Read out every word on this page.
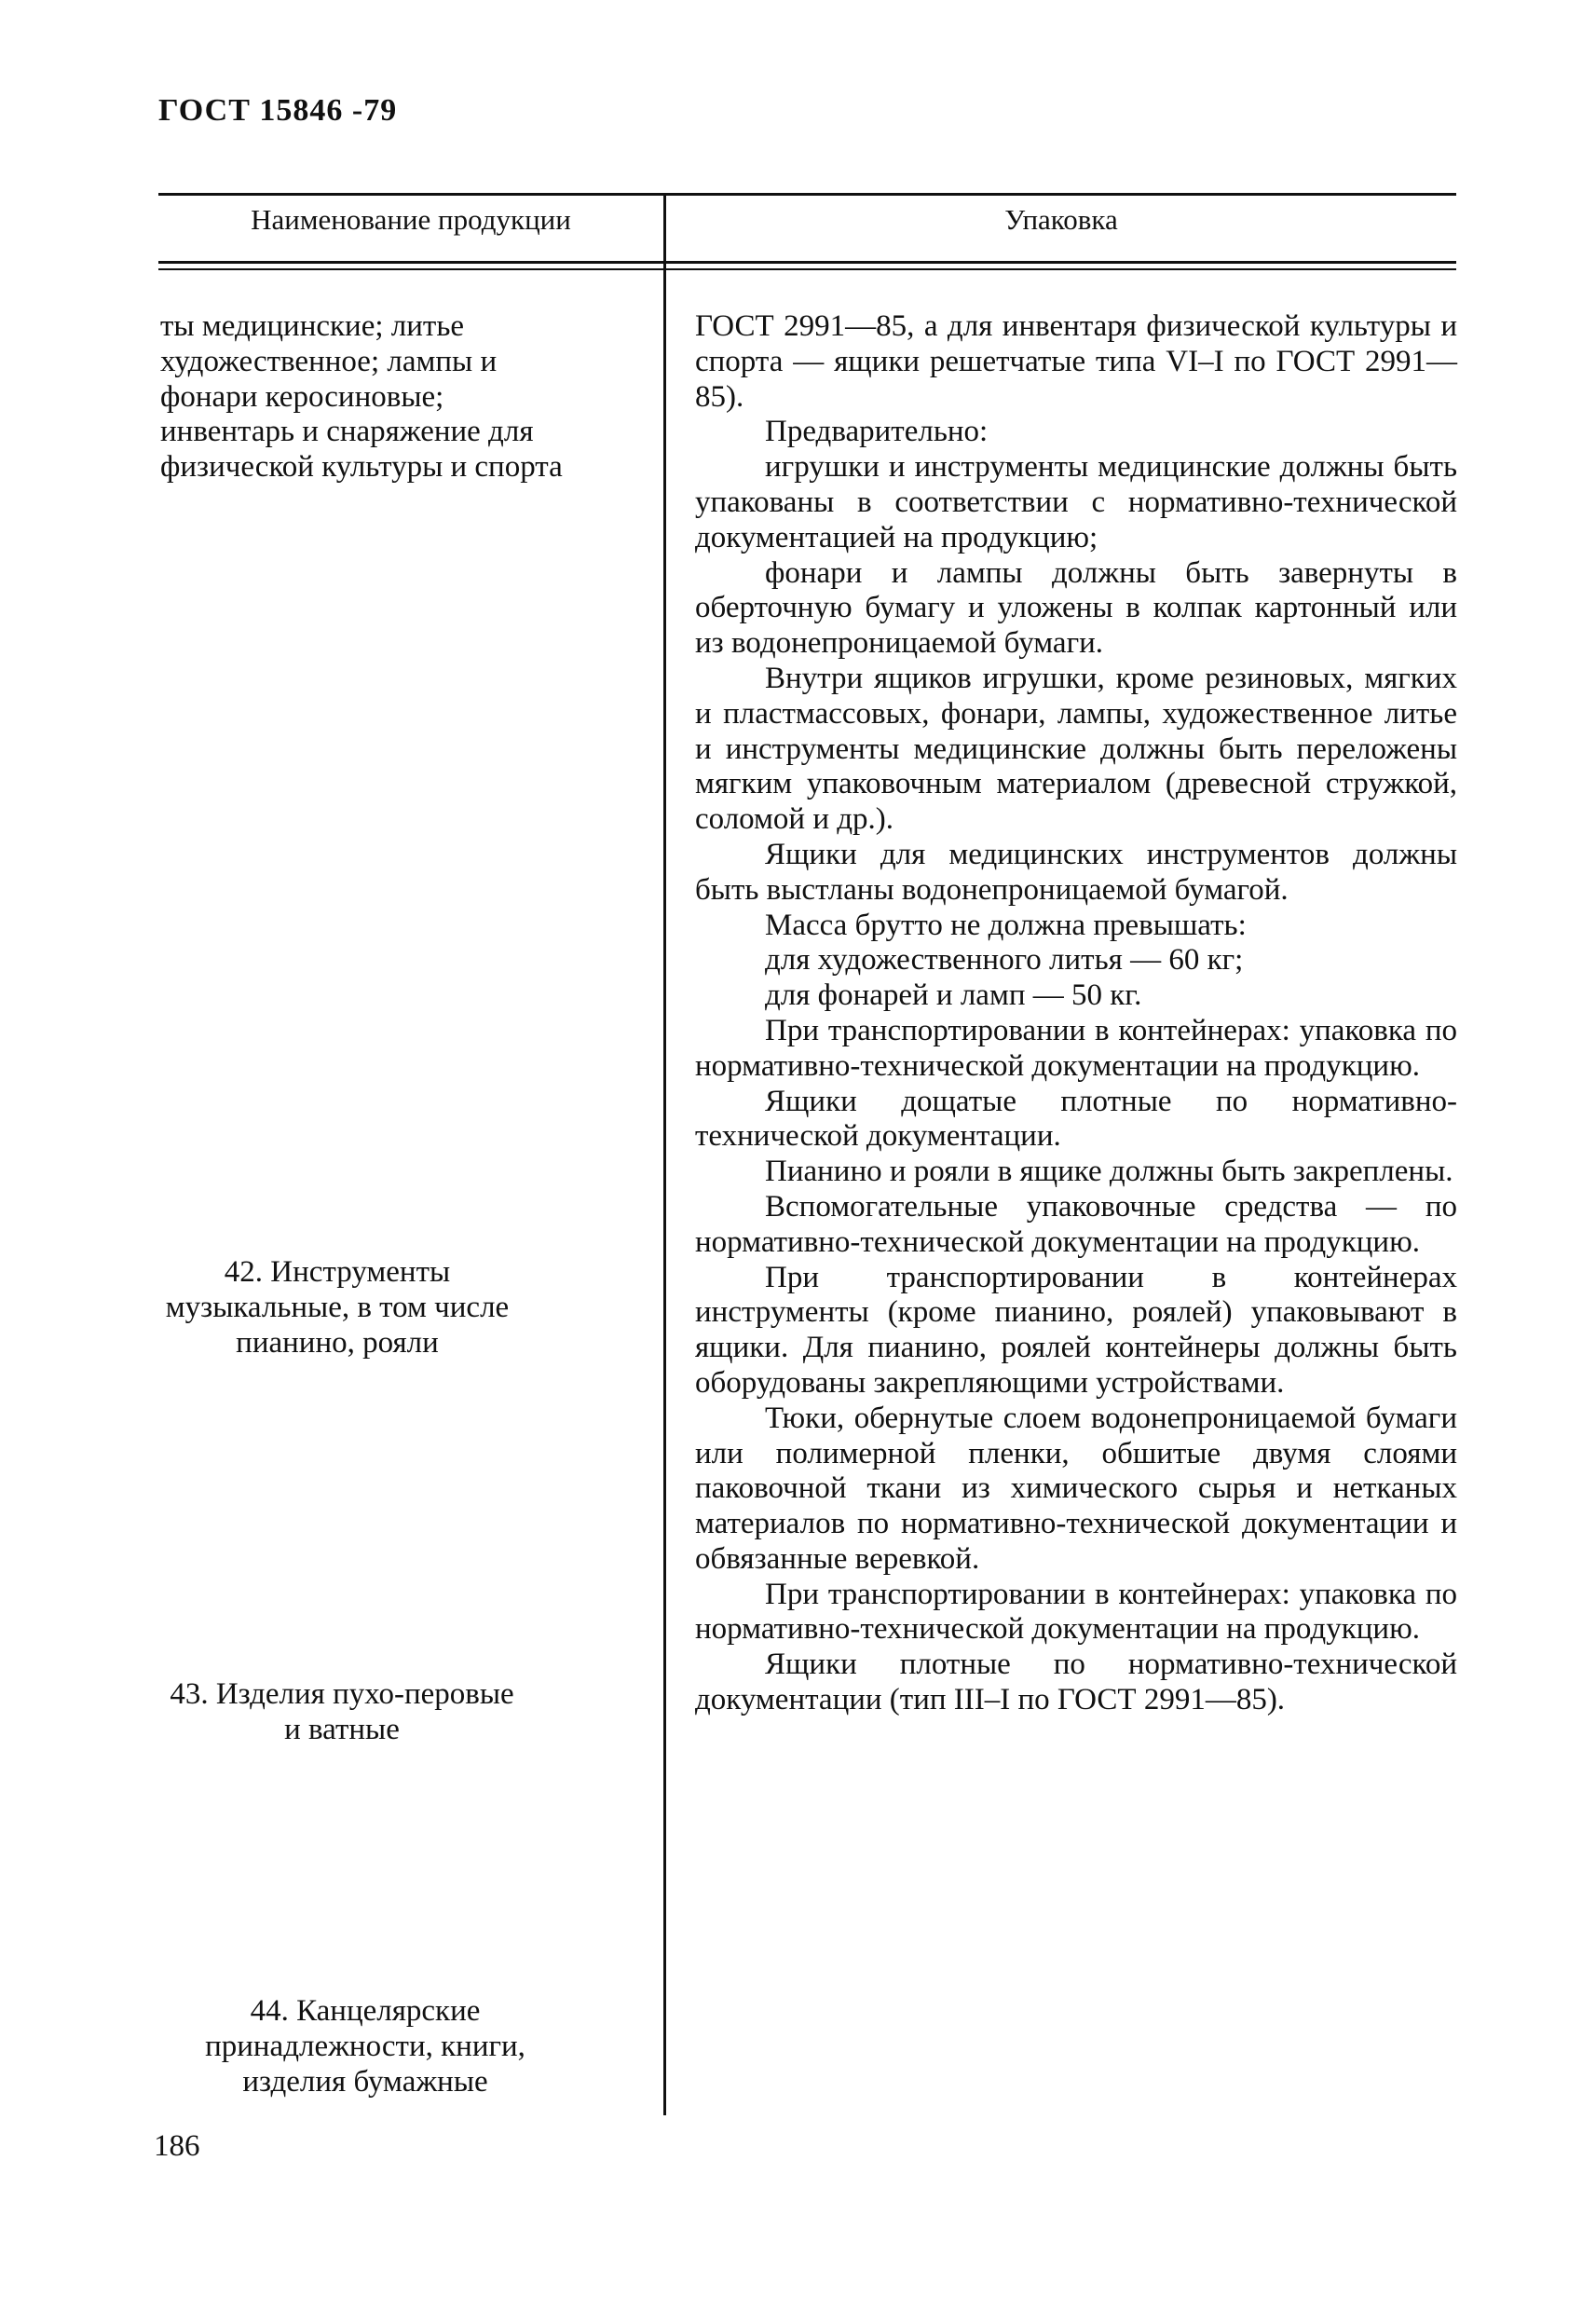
ГОСТ 15846 -79
Наименование продукции	Упаковка
ты медицинские; литье художественное; лампы и фонари керосиновые; инвентарь и снаряжение для физической культуры и спорта
42. Инструменты музыкальные, в том числе пианино, рояли
43. Изделия пухо-перовые и ватные
44. Канцелярские принадлежности, книги, изделия бумажные

ГОСТ 2991—85, а для инвентаря физической культуры и спорта — ящики решетчатые типа VI–I по ГОСТ 2991—85).

Предварительно:

игрушки и инструменты медицинские должны быть упакованы в соответствии с нормативно-технической документацией на продукцию;

фонари и лампы должны быть завернуты в оберточную бумагу и уложены в колпак картонный или из водонепроницаемой бумаги.

Внутри ящиков игрушки, кроме резиновых, мягких и пластмассовых, фонари, лампы, художественное литье и инструменты медицинские должны быть переложены мягким упаковочным материалом (древесной стружкой, соломой и др.).

Ящики для медицинских инструментов должны быть выстланы водонепроницаемой бумагой.

Масса брутто не должна превышать:

для художественного литья — 60 кг;

для фонарей и ламп — 50 кг.

При транспортировании в контейнерах: упаковка по нормативно-технической документации на продукцию.

Ящики дощатые плотные по нормативно-технической документации.

Пианино и рояли в ящике должны быть закреплены.

Вспомогательные упаковочные средства — по нормативно-технической документации на продукцию.

При транспортировании в контейнерах инструменты (кроме пианино, роялей) упаковывают в ящики. Для пианино, роялей контейнеры должны быть оборудованы закрепляющими устройствами.

Тюки, обернутые слоем водонепроницаемой бумаги или полимерной пленки, обшитые двумя слоями паковочной ткани из химического сырья и нетканых материалов по нормативно-технической документации и обвязанные веревкой.

При транспортировании в контейнерах: упаковка по нормативно-технической документации на продукцию.

Ящики плотные по нормативно-технической документации (тип III–I по ГОСТ 2991—85).

186
